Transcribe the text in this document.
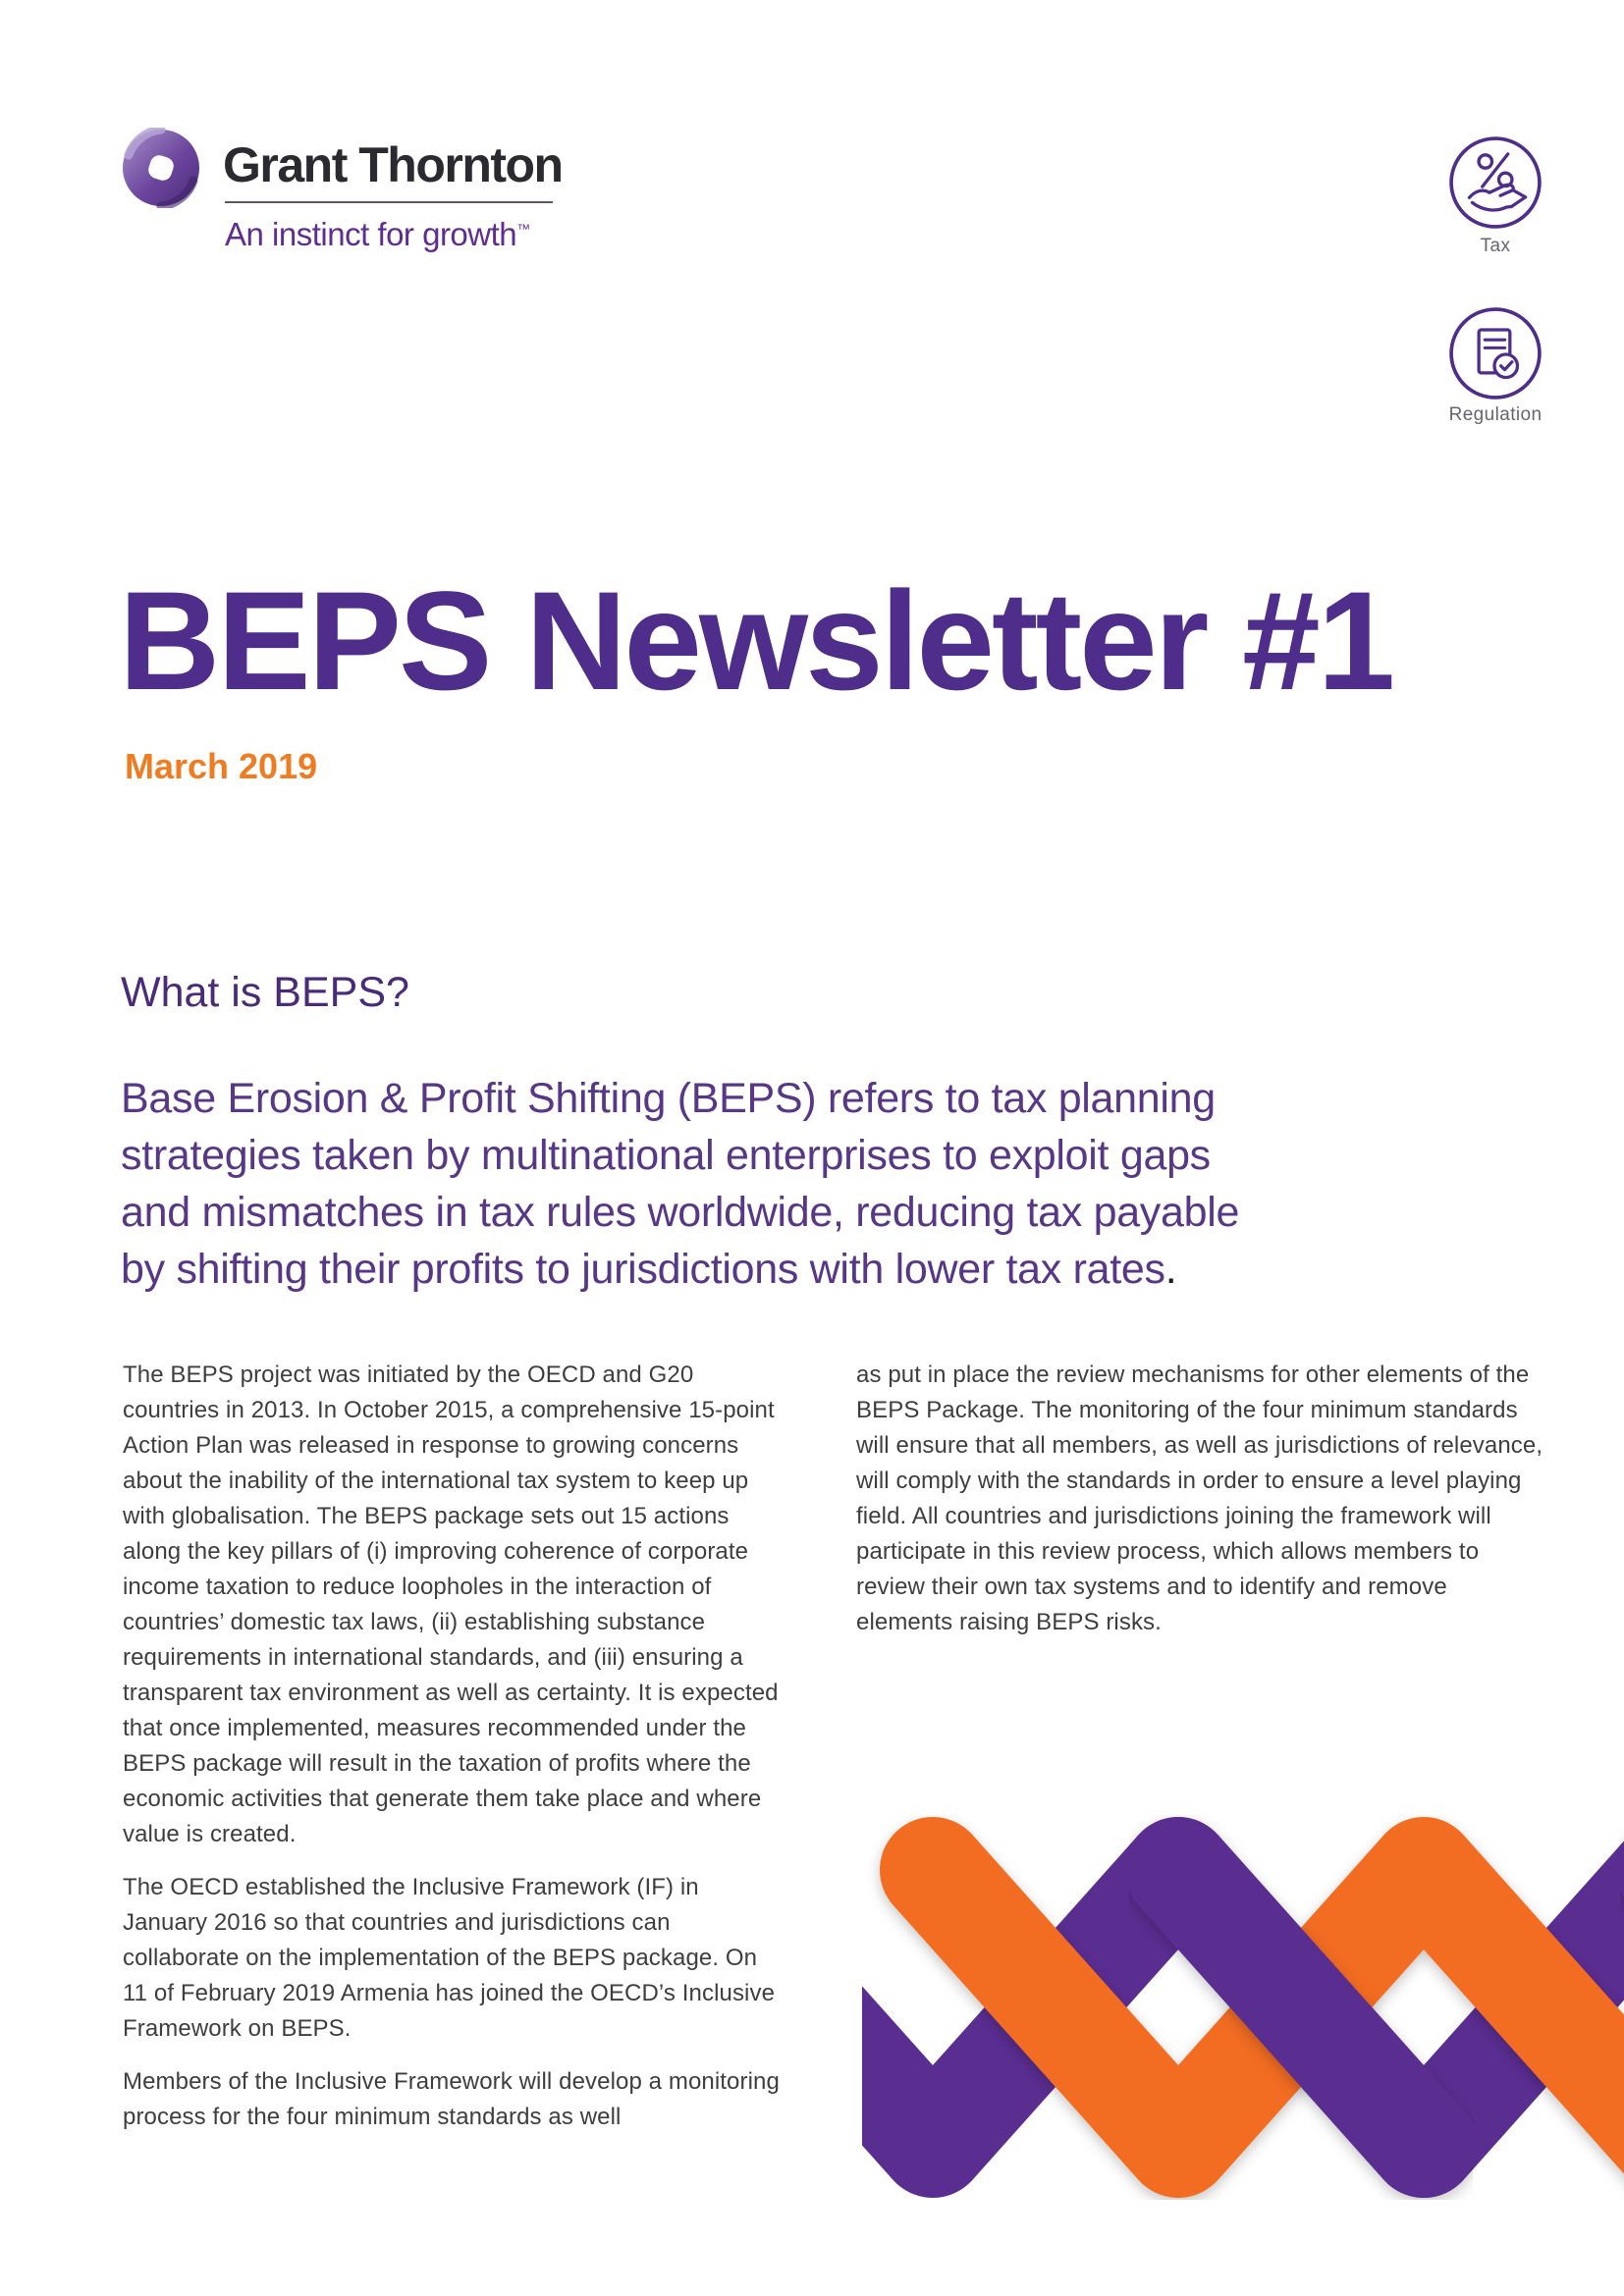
Grant Thornton
An instinct for growth™
Tax
Regulation
BEPS Newsletter #1
March 2019
What is BEPS?
Base Erosion & Profit Shifting (BEPS) refers to tax planning
strategies taken by multinational enterprises to exploit gaps
and mismatches in tax rules worldwide, reducing tax payable
by shifting their profits to jurisdictions with lower tax rates.

The BEPS project was initiated by the OECD and G20 countries in 2013. In October 2015, a comprehensive 15-point Action Plan was released in response to growing concerns about the inability of the international tax system to keep up with globalisation. The BEPS package sets out 15 actions along the key pillars of (i) improving coherence of corporate income taxation to reduce loopholes in the interaction of countries’ domestic tax laws, (ii) establishing substance requirements in international standards, and (iii) ensuring a transparent tax environment as well as certainty. It is expected that once implemented, measures recommended under the BEPS package will result in the taxation of profits where the economic activities that generate them take place and where value is created.

The OECD established the Inclusive Framework (IF) in January 2016 so that countries and jurisdictions can collaborate on the implementation of the BEPS package. On 11 of February 2019 Armenia has joined the OECD’s Inclusive Framework on BEPS.

Members of the Inclusive Framework will develop a monitoring process for the four minimum standards as well

as put in place the review mechanisms for other elements of the BEPS Package. The monitoring of the four minimum standards will ensure that all members, as well as jurisdictions of relevance, will comply with the standards in order to ensure a level playing field. All countries and jurisdictions joining the framework will participate in this review process, which allows members to review their own tax systems and to identify and remove elements raising BEPS risks.
